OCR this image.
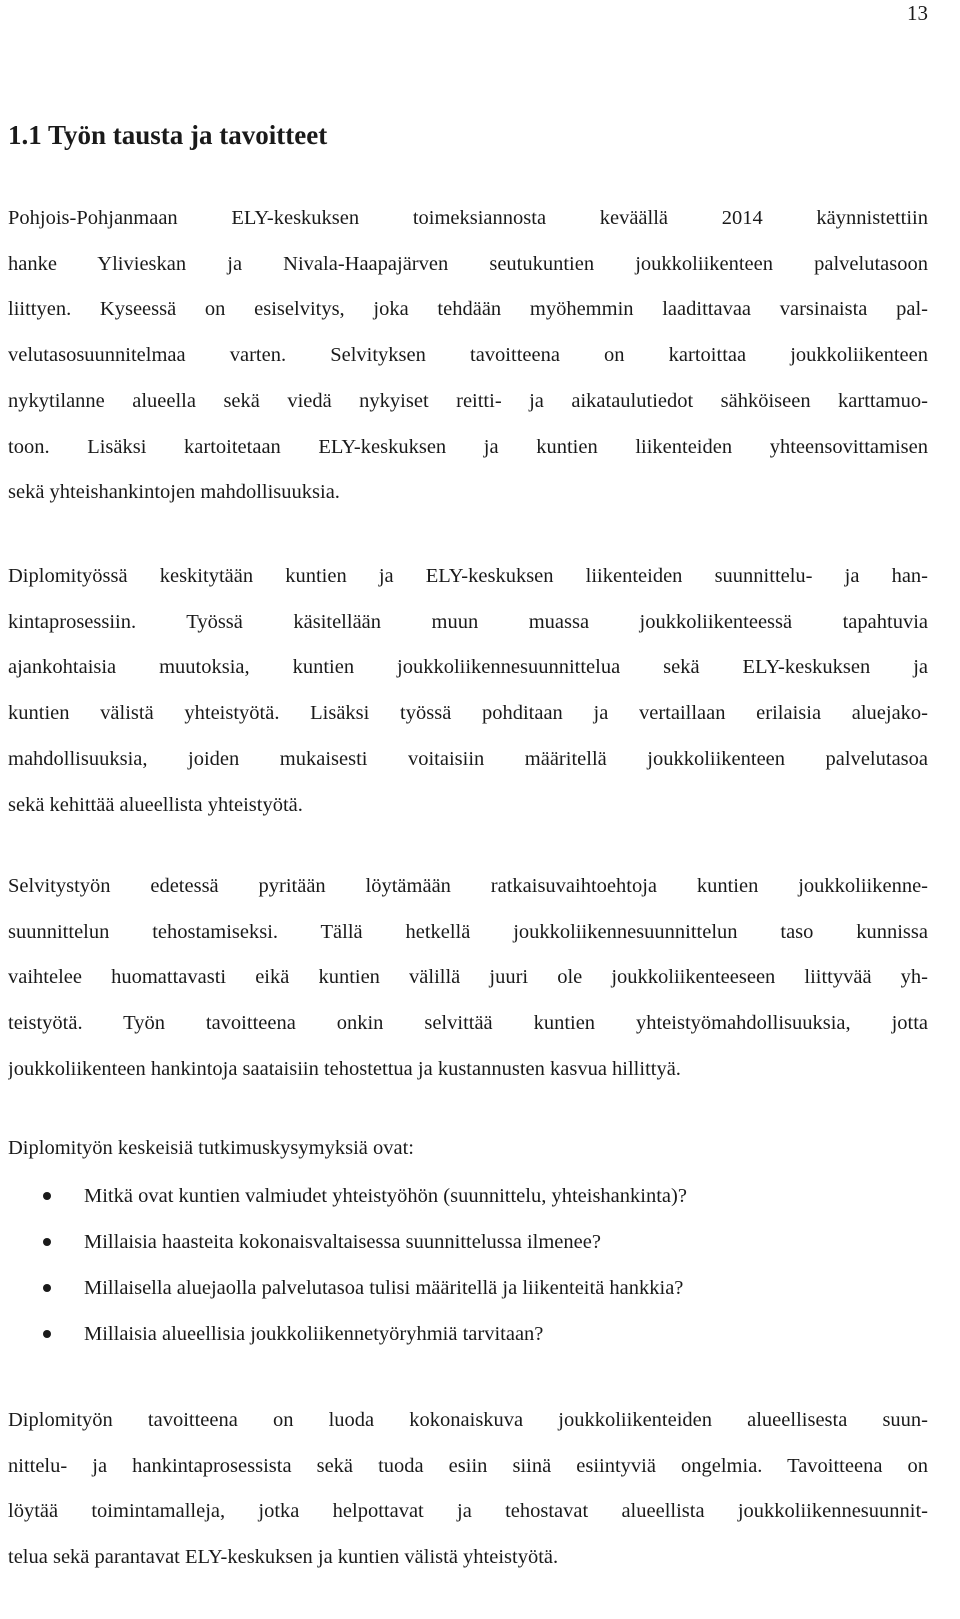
13
1.1 Työn tausta ja tavoitteet
Pohjois-Pohjanmaan ELY-keskuksen toimeksiannosta keväällä 2014 käynnistettiin
hanke Ylivieskan ja Nivala-Haapajärven seutukuntien joukkoliikenteen palvelutasoon
liittyen. Kyseessä on esiselvitys, joka tehdään myöhemmin laadittavaa varsinaista pal-
velutasosuunnitelmaa varten. Selvityksen tavoitteena on kartoittaa joukkoliikenteen
nykytilanne alueella sekä viedä nykyiset reitti- ja aikataulutiedot sähköiseen karttamuo-
toon. Lisäksi kartoitetaan ELY-keskuksen ja kuntien liikenteiden yhteensovittamisen
sekä yhteishankintojen mahdollisuuksia.
Diplomityössä keskitytään kuntien ja ELY-keskuksen liikenteiden suunnittelu- ja han-
kintaprosessiin. Työssä käsitellään muun muassa joukkoliikenteessä tapahtuvia
ajankohtaisia muutoksia, kuntien joukkoliikennesuunnittelua sekä ELY-keskuksen ja
kuntien välistä yhteistyötä. Lisäksi työssä pohditaan ja vertaillaan erilaisia aluejako-
mahdollisuuksia, joiden mukaisesti voitaisiin määritellä joukkoliikenteen palvelutasoa
sekä kehittää alueellista yhteistyötä.
Selvitystyön edetessä pyritään löytämään ratkaisuvaihtoehtoja kuntien joukkoliikenne-
suunnittelun tehostamiseksi. Tällä hetkellä joukkoliikennesuunnittelun taso kunnissa
vaihtelee huomattavasti eikä kuntien välillä juuri ole joukkoliikenteeseen liittyvää yh-
teistyötä. Työn tavoitteena onkin selvittää kuntien yhteistyömahdollisuuksia, jotta
joukkoliikenteen hankintoja saataisiin tehostettua ja kustannusten kasvua hillittyä.
Diplomityön keskeisiä tutkimuskysymyksiä ovat:
Mitkä ovat kuntien valmiudet yhteistyöhön (suunnittelu, yhteishankinta)?
Millaisia haasteita kokonaisvaltaisessa suunnittelussa ilmenee?
Millaisella aluejaolla palvelutasoa tulisi määritellä ja liikenteitä hankkia?
Millaisia alueellisia joukkoliikennetyöryhmiä tarvitaan?
Diplomityön tavoitteena on luoda kokonaiskuva joukkoliikenteiden alueellisesta suun-
nittelu- ja hankintaprosessista sekä tuoda esiin siinä esiintyviä ongelmia. Tavoitteena on
löytää toimintamalleja, jotka helpottavat ja tehostavat alueellista joukkoliikennesuunnit-
telua sekä parantavat ELY-keskuksen ja kuntien välistä yhteistyötä.
